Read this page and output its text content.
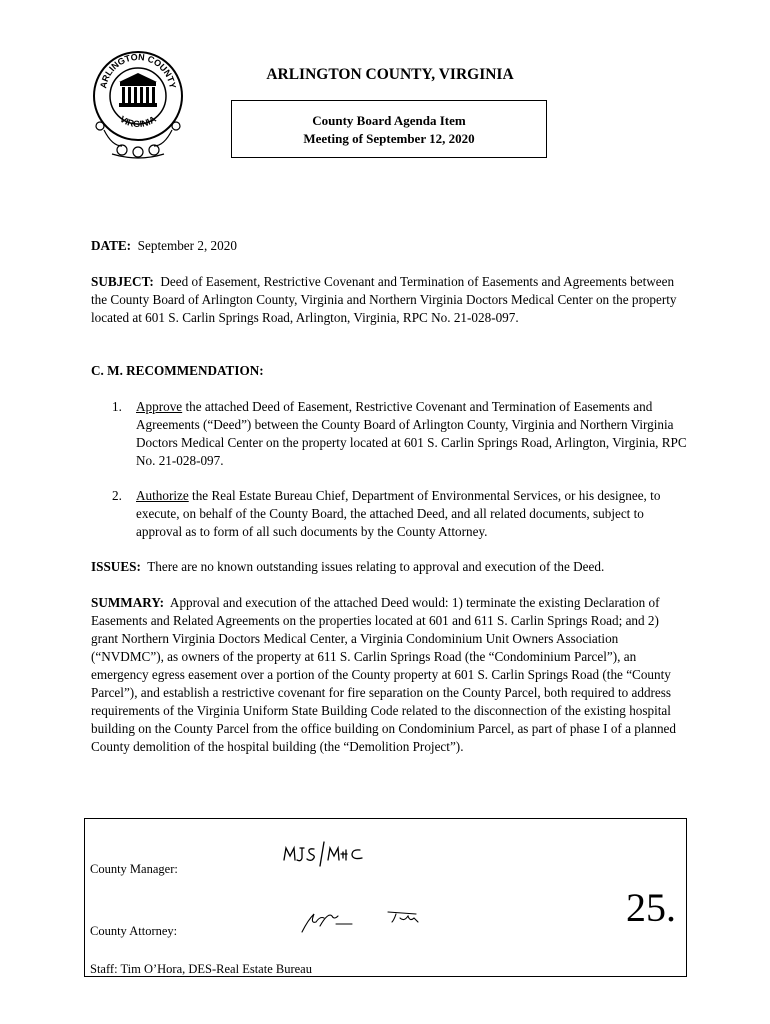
ARLINGTON COUNTY
VIRGINIA
ARLINGTON COUNTY, VIRGINIA
County Board Agenda Item
Meeting of September 12, 2020
DATE: September 2, 2020
SUBJECT: Deed of Easement, Restrictive Covenant and Termination of Easements and Agreements between the County Board of Arlington County, Virginia and Northern Virginia Doctors Medical Center on the property located at 601 S. Carlin Springs Road, Arlington, Virginia, RPC No. 21-028-097.
C. M. RECOMMENDATION:
1.	Approve the attached Deed of Easement, Restrictive Covenant and Termination of Easements and Agreements (“Deed”) between the County Board of Arlington County, Virginia and Northern Virginia Doctors Medical Center on the property located at 601 S. Carlin Springs Road, Arlington, Virginia, RPC No. 21-028-097.
2.	Authorize the Real Estate Bureau Chief, Department of Environmental Services, or his designee, to execute, on behalf of the County Board, the attached Deed, and all related documents, subject to approval as to form of all such documents by the County Attorney.
ISSUES: There are no known outstanding issues relating to approval and execution of the Deed.
SUMMARY: Approval and execution of the attached Deed would: 1) terminate the existing Declaration of Easements and Related Agreements on the properties located at 601 and 611 S. Carlin Springs Road; and 2) grant Northern Virginia Doctors Medical Center, a Virginia Condominium Unit Owners Association (“NVDMC”), as owners of the property at 611 S. Carlin Springs Road (the “Condominium Parcel”), an emergency egress easement over a portion of the County property at 601 S. Carlin Springs Road (the “County Parcel”), and establish a restrictive covenant for fire separation on the County Parcel, both required to address requirements of the Virginia Uniform State Building Code related to the disconnection of the existing hospital building on the County Parcel from the office building on Condominium Parcel, as part of phase I of a planned County demolition of the hospital building (the “Demolition Project”).
County Manager:
County Attorney:
Staff: Tim O’Hora, DES-Real Estate Bureau
25.
